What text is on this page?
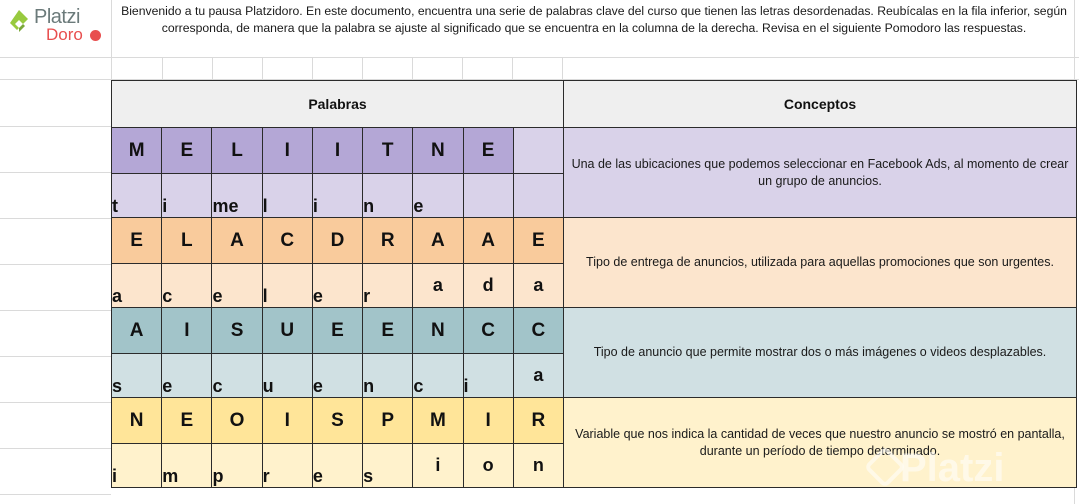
Platzi
Doro
Bienvenido a tu pausa Platzidoro. En este documento, encuentra una serie de palabras clave del curso que tienen las letras desordenadas. Reubícalas en la fila inferior, según corresponda, de manera que la palabra se ajuste al significado que se encuentra en la columna de la derecha. Revisa en el siguiente Pomodoro las respuestas.
Palabras									Conceptos
M	E	L	I	I	T	N	E		Una de las ubicaciones que podemos seleccionar en Facebook Ads, al momento de crear un grupo de anuncios.
t	i	me	l	i	n	e			
E	L	A	C	D	R	A	A	E	Tipo de entrega de anuncios, utilizada para aquellas promociones que son urgentes.
a	c	e	l	e	r	a	d	a	
A	I	S	U	E	E	N	C	C	Tipo de anuncio que permite mostrar dos o más imágenes o videos desplazables.
s	e	c	u	e	n	c	i	a	
N	E	O	I	S	P	M	I	R	Variable que nos indica la cantidad de veces que nuestro anuncio se mostró en pantalla, durante un período de tiempo determinado.
i	m	p	r	e	s	i	o	n		Platzi
